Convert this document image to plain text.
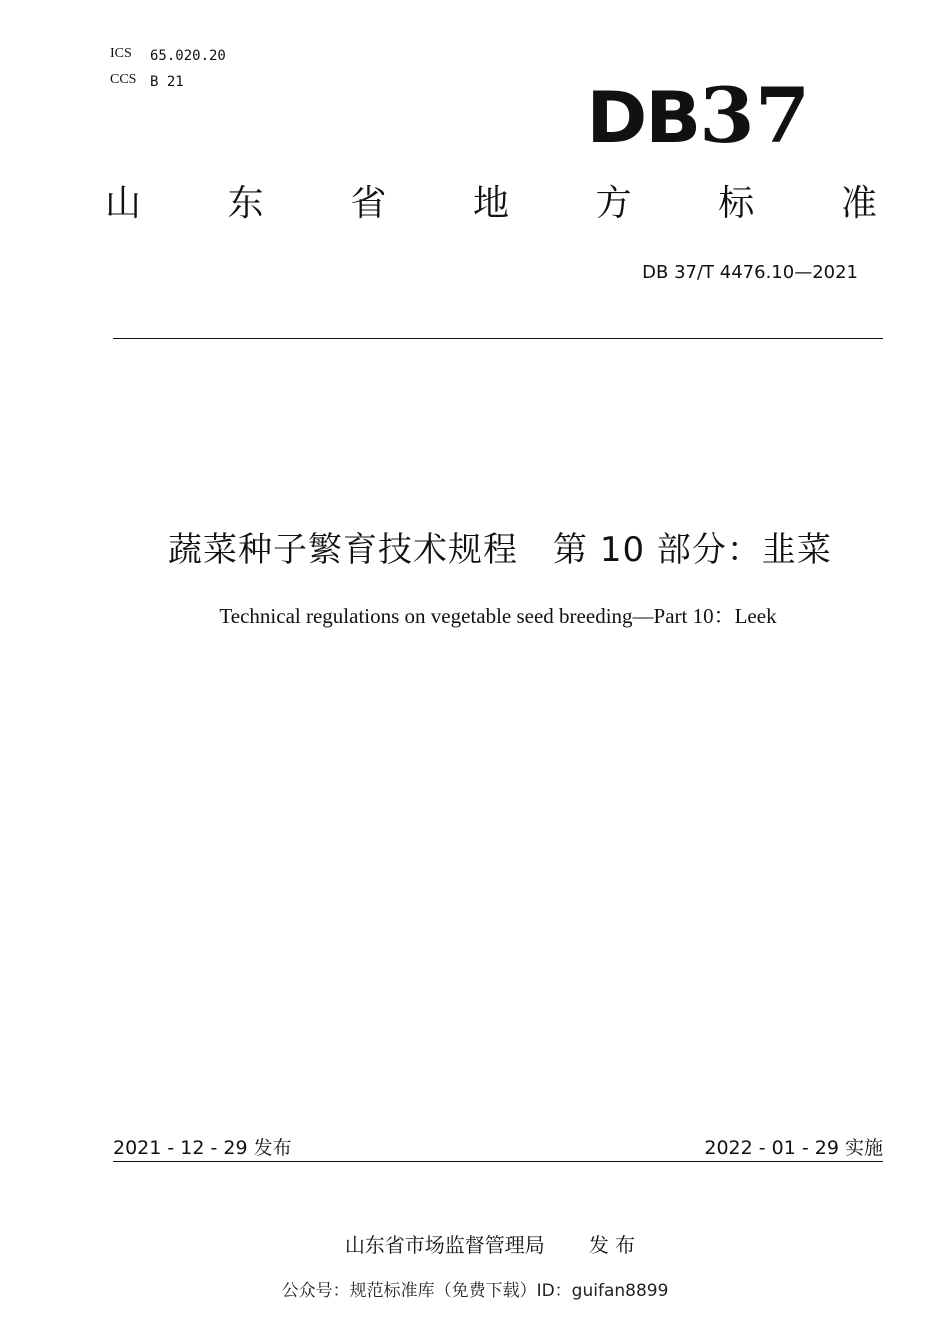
ICS 65.020.20
CCS B 21	DB37
山 东 省 地 方 标 准
DB 37/T 4476.10—2021
蔬菜种子繁育技术规程　第 10 部分：韭菜
Technical regulations on vegetable seed breeding—Part 10：Leek
2021 - 12 - 29 发布	2022 - 01 - 29 实施
山东省市场监督管理局 发 布
公众号：规范标准库（免费下载）ID：guifan8899
